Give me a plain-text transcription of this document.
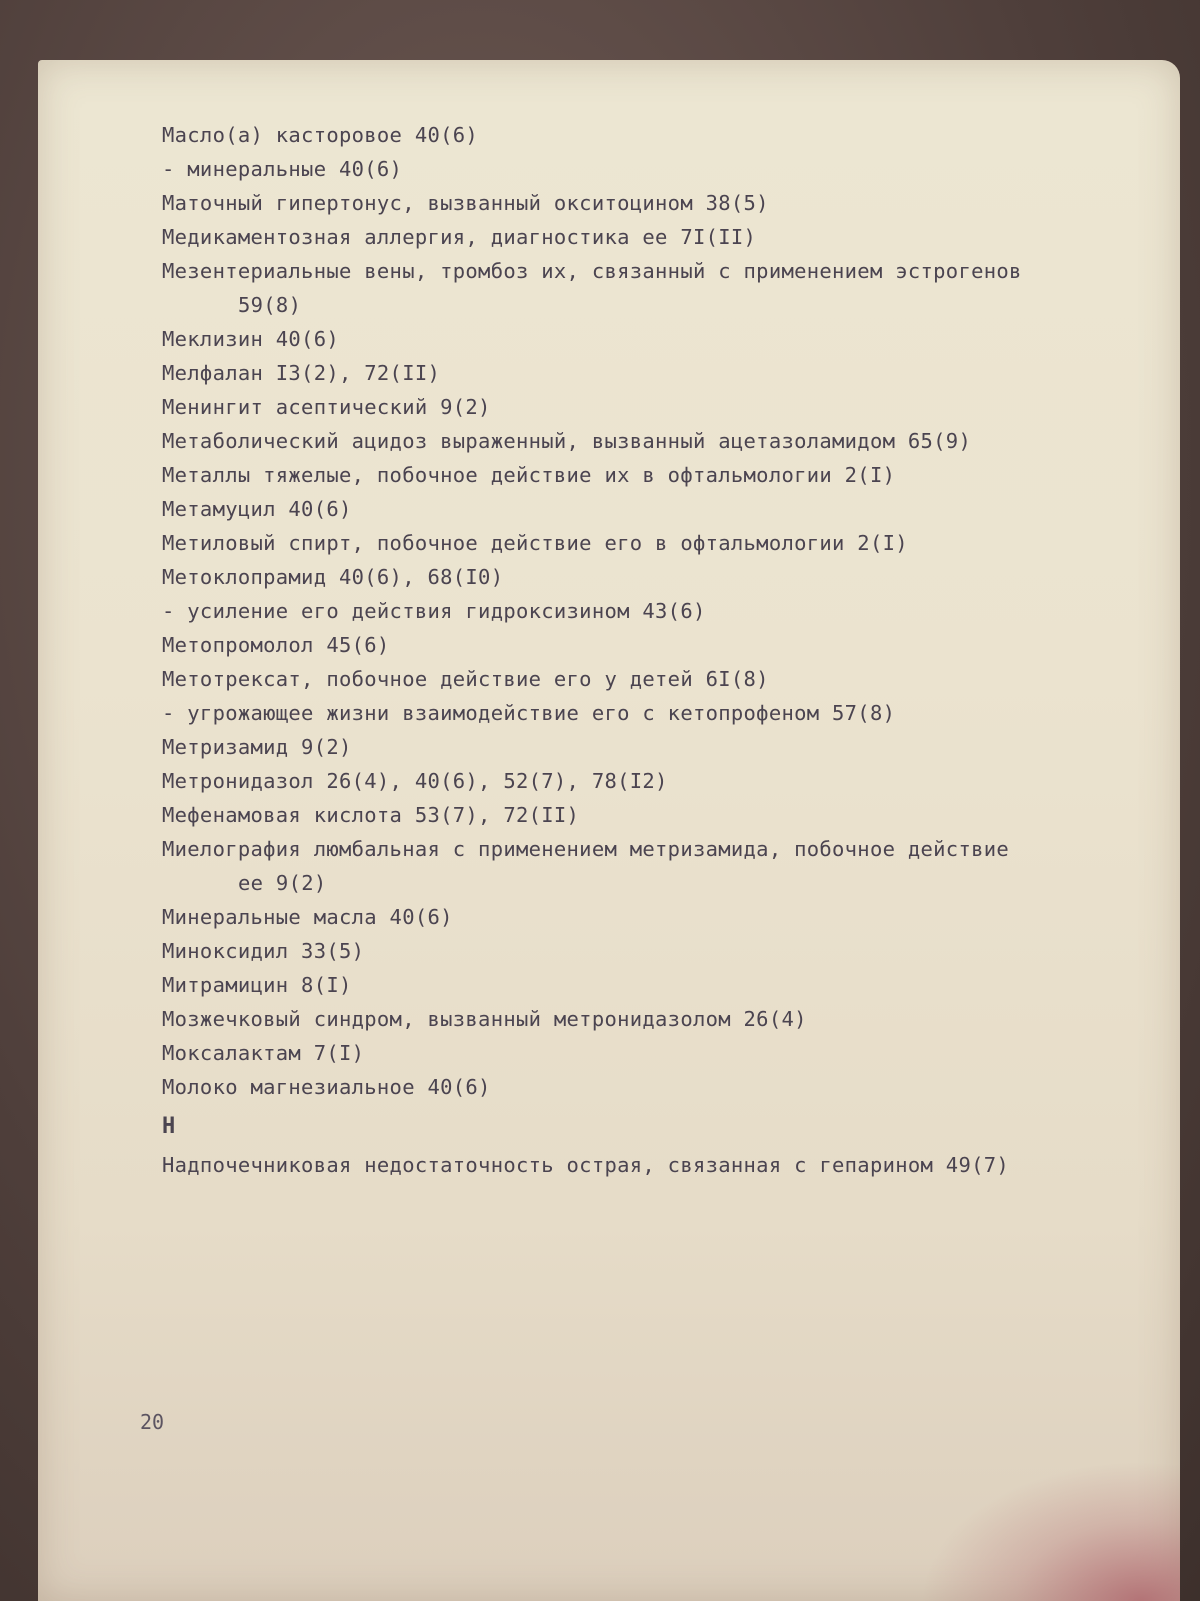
Масло(а) касторовое 40(6)

- минеральные 40(6)

Маточный гипертонус, вызванный окситоцином 38(5)

Медикаментозная аллергия, диагностика ее 7I(II)

Мезентериальные вены, тромбоз их, связанный с применением эстрогенов 59(8)

Меклизин 40(6)

Мелфалан I3(2), 72(II)

Менингит асептический 9(2)

Метаболический ацидоз выраженный, вызванный ацетазоламидом 65(9)

Металлы тяжелые, побочное действие их в офтальмологии 2(I)

Метамуцил 40(6)

Метиловый спирт, побочное действие его в офтальмологии 2(I)

Метоклопрамид 40(6), 68(I0)

- усиление его действия гидроксизином 43(6)

Метопромолол 45(6)

Метотрексат, побочное действие его у детей 6I(8)

- угрожающее жизни взаимодействие его с кетопрофеном 57(8)

Метризамид 9(2)

Метронидазол 26(4), 40(6), 52(7), 78(I2)

Мефенамовая кислота 53(7), 72(II)

Миелография люмбальная с применением метризамида, побочное действие ее 9(2)

Минеральные масла 40(6)

Миноксидил 33(5)

Митрамицин 8(I)

Мозжечковый синдром, вызванный метронидазолом 26(4)

Моксалактам 7(I)

Молоко магнезиальное 40(6)

Н

Надпочечниковая недостаточность острая, связанная с гепарином 49(7)

20
